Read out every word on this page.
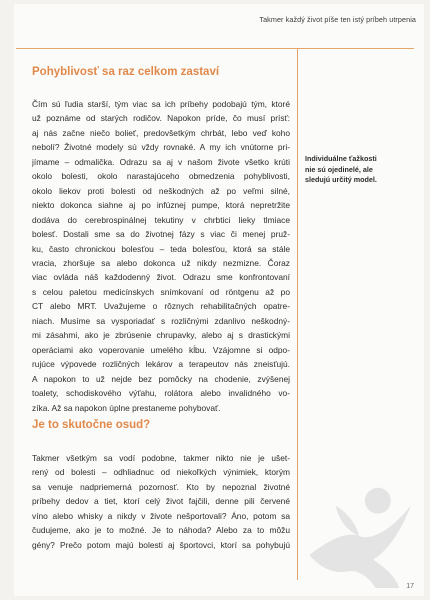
Takmer každý život píše ten istý príbeh utrpenia
Pohyblivosť sa raz celkom zastaví
Čím sú ľudia starší, tým viac sa ich príbehy podobajú tým, ktoré
už poznáme od starých rodičov. Napokon príde, čo musí prísť:
aj nás začne niečo bolieť, predovšetkým chrbát, lebo veď koho
nebolí? Životné modely sú vždy rovnaké. A my ich vnútorne pri-
jímame – odmalička. Odrazu sa aj v našom živote všetko krúti
okolo bolesti, okolo narastajúceho obmedzenia pohyblivosti,
okolo liekov proti bolesti od neškodných až po veľmi silné,
niekto dokonca siahne aj po infúznej pumpe, ktorá nepretržite
dodáva do cerebrospinálnej tekutiny v chrbtici lieky tlmiace
bolesť. Dostali sme sa do životnej fázy s viac či menej pruž-
ku, často chronickou bolesťou – teda bolesťou, ktorá sa stále
vracia, zhoršuje sa alebo dokonca už nikdy nezmizne. Čoraz
viac ovláda náš každodenný život. Odrazu sme konfrontovaní
s celou paletou medicínskych snímkovaní od röntgenu až po
CT alebo MRT. Uvažujeme o rôznych rehabilitačných opatre-
niach. Musíme sa vysporiadať s rozličnými zdanlivo neškodný-
mi zásahmi, ako je zbrúsenie chrupavky, alebo aj s drastickými
operáciami ako voperovanie umelého kĺbu. Vzájomne si odpo-
rujúce výpovede rozličných lekárov a terapeutov nás zneisťujú.
A napokon to už nejde bez pomôcky na chodenie, zvýšenej
toalety, schodiskového výťahu, rolátora alebo invalidného vo-
zíka. Až sa napokon úplne prestaneme pohybovať.
Je to skutočne osud?
Takmer všetkým sa vodí podobne, takmer nikto nie je ušet-
rený od bolesti – odhliadnuc od niekoľkých výnimiek, ktorým
sa venuje nadpriemerná pozornosť. Kto by nepoznal životné
príbehy dedov a tiet, ktorí celý život fajčili, denne pili červené
víno alebo whisky a nikdy v živote nešportovali? Áno, potom sa
čudujeme, ako je to možné. Je to náhoda? Alebo za to môžu
gény? Prečo potom majú bolesti aj športovci, ktorí sa pohybujú
Individuálne ťažkosti
nie sú ojedinelé, ale
sledujú určitý model.
17
